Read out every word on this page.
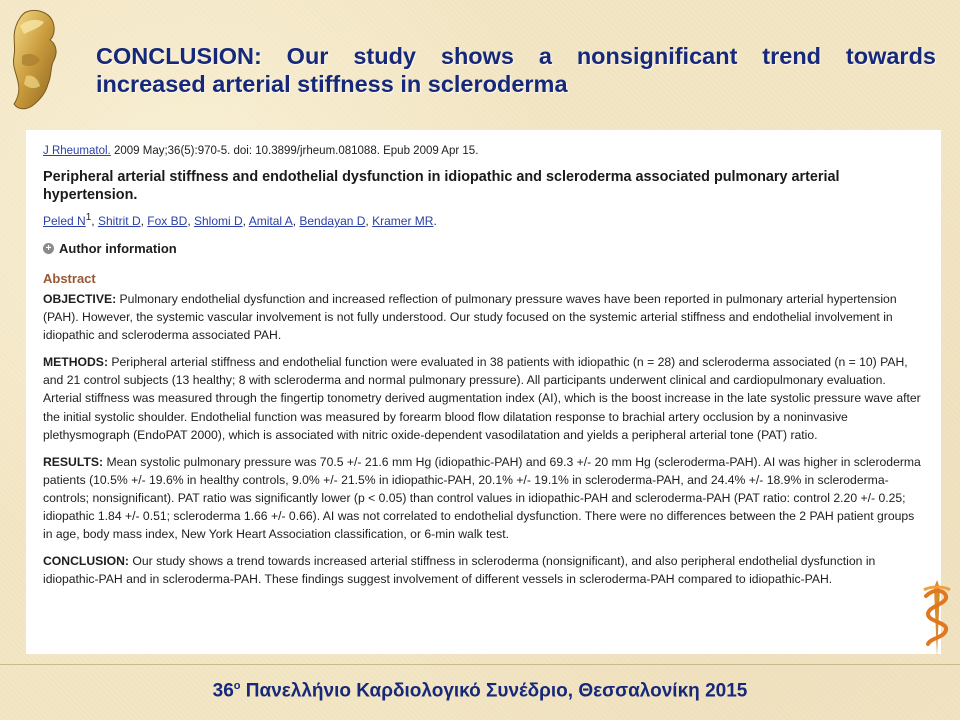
CONCLUSION: Our study shows a nonsignificant trend towards
increased arterial stiffness in scleroderma

J Rheumatol. 2009 May;36(5):970-5. doi: 10.3899/jrheum.081088. Epub 2009 Apr 15.

Peripheral arterial stiffness and endothelial dysfunction in idiopathic and scleroderma associated pulmonary arterial hypertension.

Peled $N^1$, Shitrit D, Fox BD, Shlomi D, Amital A, Bendayan D, Kramer MR.

+ Author information
Abstract

OBJECTIVE: Pulmonary endothelial dysfunction and increased reflection of pulmonary pressure waves have been reported in pulmonary arterial hypertension (PAH). However, the systemic vascular involvement is not fully understood. Our study focused on the systemic arterial stiffness and endothelial involvement in idiopathic and scleroderma associated PAH.

METHODS: Peripheral arterial stiffness and endothelial function were evaluated in 38 patients with idiopathic (n = 28) and scleroderma associated (n = 10) PAH, and 21 control subjects (13 healthy; 8 with scleroderma and normal pulmonary pressure). All participants underwent clinical and cardiopulmonary evaluation. Arterial stiffness was measured through the fingertip tonometry derived augmentation index (AI), which is the boost increase in the late systolic pressure wave after the initial systolic shoulder. Endothelial function was measured by forearm blood flow dilatation response to brachial artery occlusion by a noninvasive plethysmograph (EndoPAT 2000), which is associated with nitric oxide-dependent vasodilatation and yields a peripheral arterial tone (PAT) ratio.

RESULTS: Mean systolic pulmonary pressure was 70.5 +/- 21.6 mm Hg (idiopathic-PAH) and 69.3 +/- 20 mm Hg (scleroderma-PAH). AI was higher in scleroderma patients (10.5% +/- 19.6% in healthy controls, 9.0% +/- 21.5% in idiopathic-PAH, 20.1% +/- 19.1% in scleroderma-PAH, and 24.4% +/- 18.9% in scleroderma-controls; nonsignificant). PAT ratio was significantly lower (p < 0.05) than control values in idiopathic-PAH and scleroderma-PAH (PAT ratio: control 2.20 +/- 0.25; idiopathic 1.84 +/- 0.51; scleroderma 1.66 +/- 0.66). AI was not correlated to endothelial dysfunction. There were no differences between the 2 PAH patient groups in age, body mass index, New York Heart Association classification, or 6-min walk test.

CONCLUSION: Our study shows a trend towards increased arterial stiffness in scleroderma (nonsignificant), and also peripheral endothelial dysfunction in idiopathic-PAH and in scleroderma-PAH. These findings suggest involvement of different vessels in scleroderma-PAH compared to idiopathic-PAH.

$36^o$ Πανελλήνιο Καρδιολογικό Συνέδριο, Θεσσαλονίκη 2015
